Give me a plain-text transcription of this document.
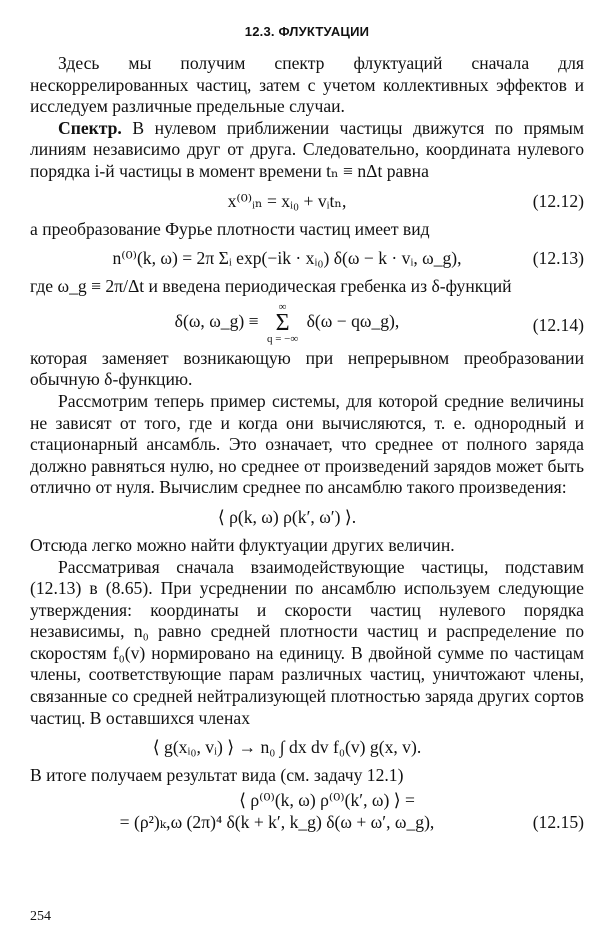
12.3. ФЛУКТУАЦИИ

Здесь мы получим спектр флуктуаций сначала для нескоррелированных частиц, затем с учетом коллективных эффектов и исследуем различные предельные случаи.

Спектр. В нулевом приближении частицы движутся по прямым линиям независимо друг от друга. Следовательно, координата нулевого порядка i-й частицы в момент времени tₙ ≡ nΔt равна

x⁽⁰⁾ᵢₙ = xᵢ₀ + vᵢtₙ,	(12.12)

а преобразование Фурье плотности частиц имеет вид

n⁽⁰⁾(k, ω) = 2π Σᵢ exp(−ik · xᵢ₀) δ(ω − k · vᵢ, ω_g),	(12.13)

где ω_g ≡ 2π/Δt и введена периодическая гребенка из δ-функций

δ(ω, ω_g) ≡
∞
Σ
q = −∞
δ(ω − qω_g),	(12.14)

которая заменяет возникающую при непрерывном преобразовании обычную δ-функцию.

Рассмотрим теперь пример системы, для которой средние величины не зависят от того, где и когда они вычисляются, т. е. однородный и стационарный ансамбль. Это означает, что среднее от полного заряда должно равняться нулю, но среднее от произведений зарядов может быть отлично от нуля. Вычислим среднее по ансамблю такого произведения:

⟨ ρ(k, ω) ρ(k′, ω′) ⟩.

Отсюда легко можно найти флуктуации других величин.

Рассматривая сначала взаимодействующие частицы, подставим (12.13) в (8.65). При усреднении по ансамблю используем следующие утверждения: координаты и скорости частиц нулевого порядка независимы, n₀ равно средней плотности частиц и распределение по скоростям f₀(v) нормировано на единицу. В двойной сумме по частицам члены, соответствующие парам различных частиц, уничтожают члены, связанные со средней нейтрализующей плотностью заряда других сортов частиц. В оставшихся членах

⟨ g(xᵢ₀, vᵢ) ⟩ → n₀ ∫ dx dv f₀(v) g(x, v).

В итоге получаем результат вида (см. задачу 12.1)

⟨ ρ⁽⁰⁾(k, ω) ρ⁽⁰⁾(k′, ω) ⟩ =
= (ρ²)ₖ,ω (2π)⁴ δ(k + k′, k_g) δ(ω + ω′, ω_g),	(12.15)
254
